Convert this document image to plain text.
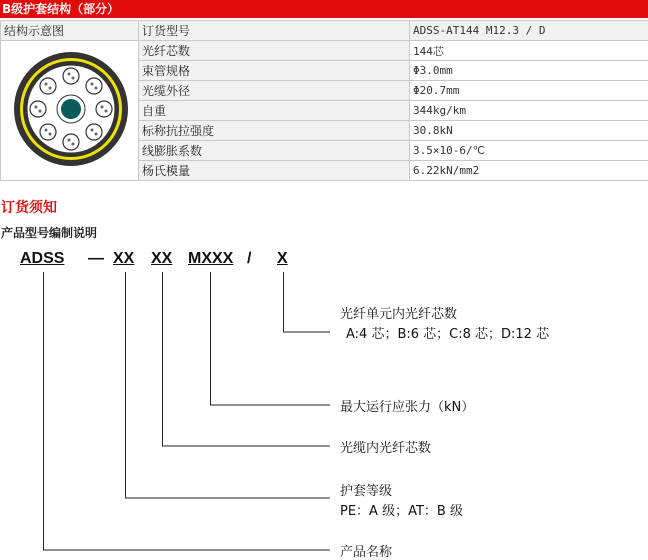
B级护套结构（部分）
结构示意图	订货型号	ADSS-AT144 M12.3 / D
	光纤芯数	144芯
	束管规格	Φ3.0mm
	光缆外径	Φ20.7mm
	自重	344kg/km
	标称抗拉强度	30.8kN
	线膨胀系数	3.5×10-6/℃
	杨氏模量	6.22kN/mm2
订货须知
产品型号编制说明
ADSS — XX XX MXXX / X
光纤单元内光纤芯数
A:4 芯；B:6 芯；C:8 芯；D:12 芯
最大运行应张力（kN）
光缆内光纤芯数
护套等级
PE：A 级；AT：B 级
产品名称
